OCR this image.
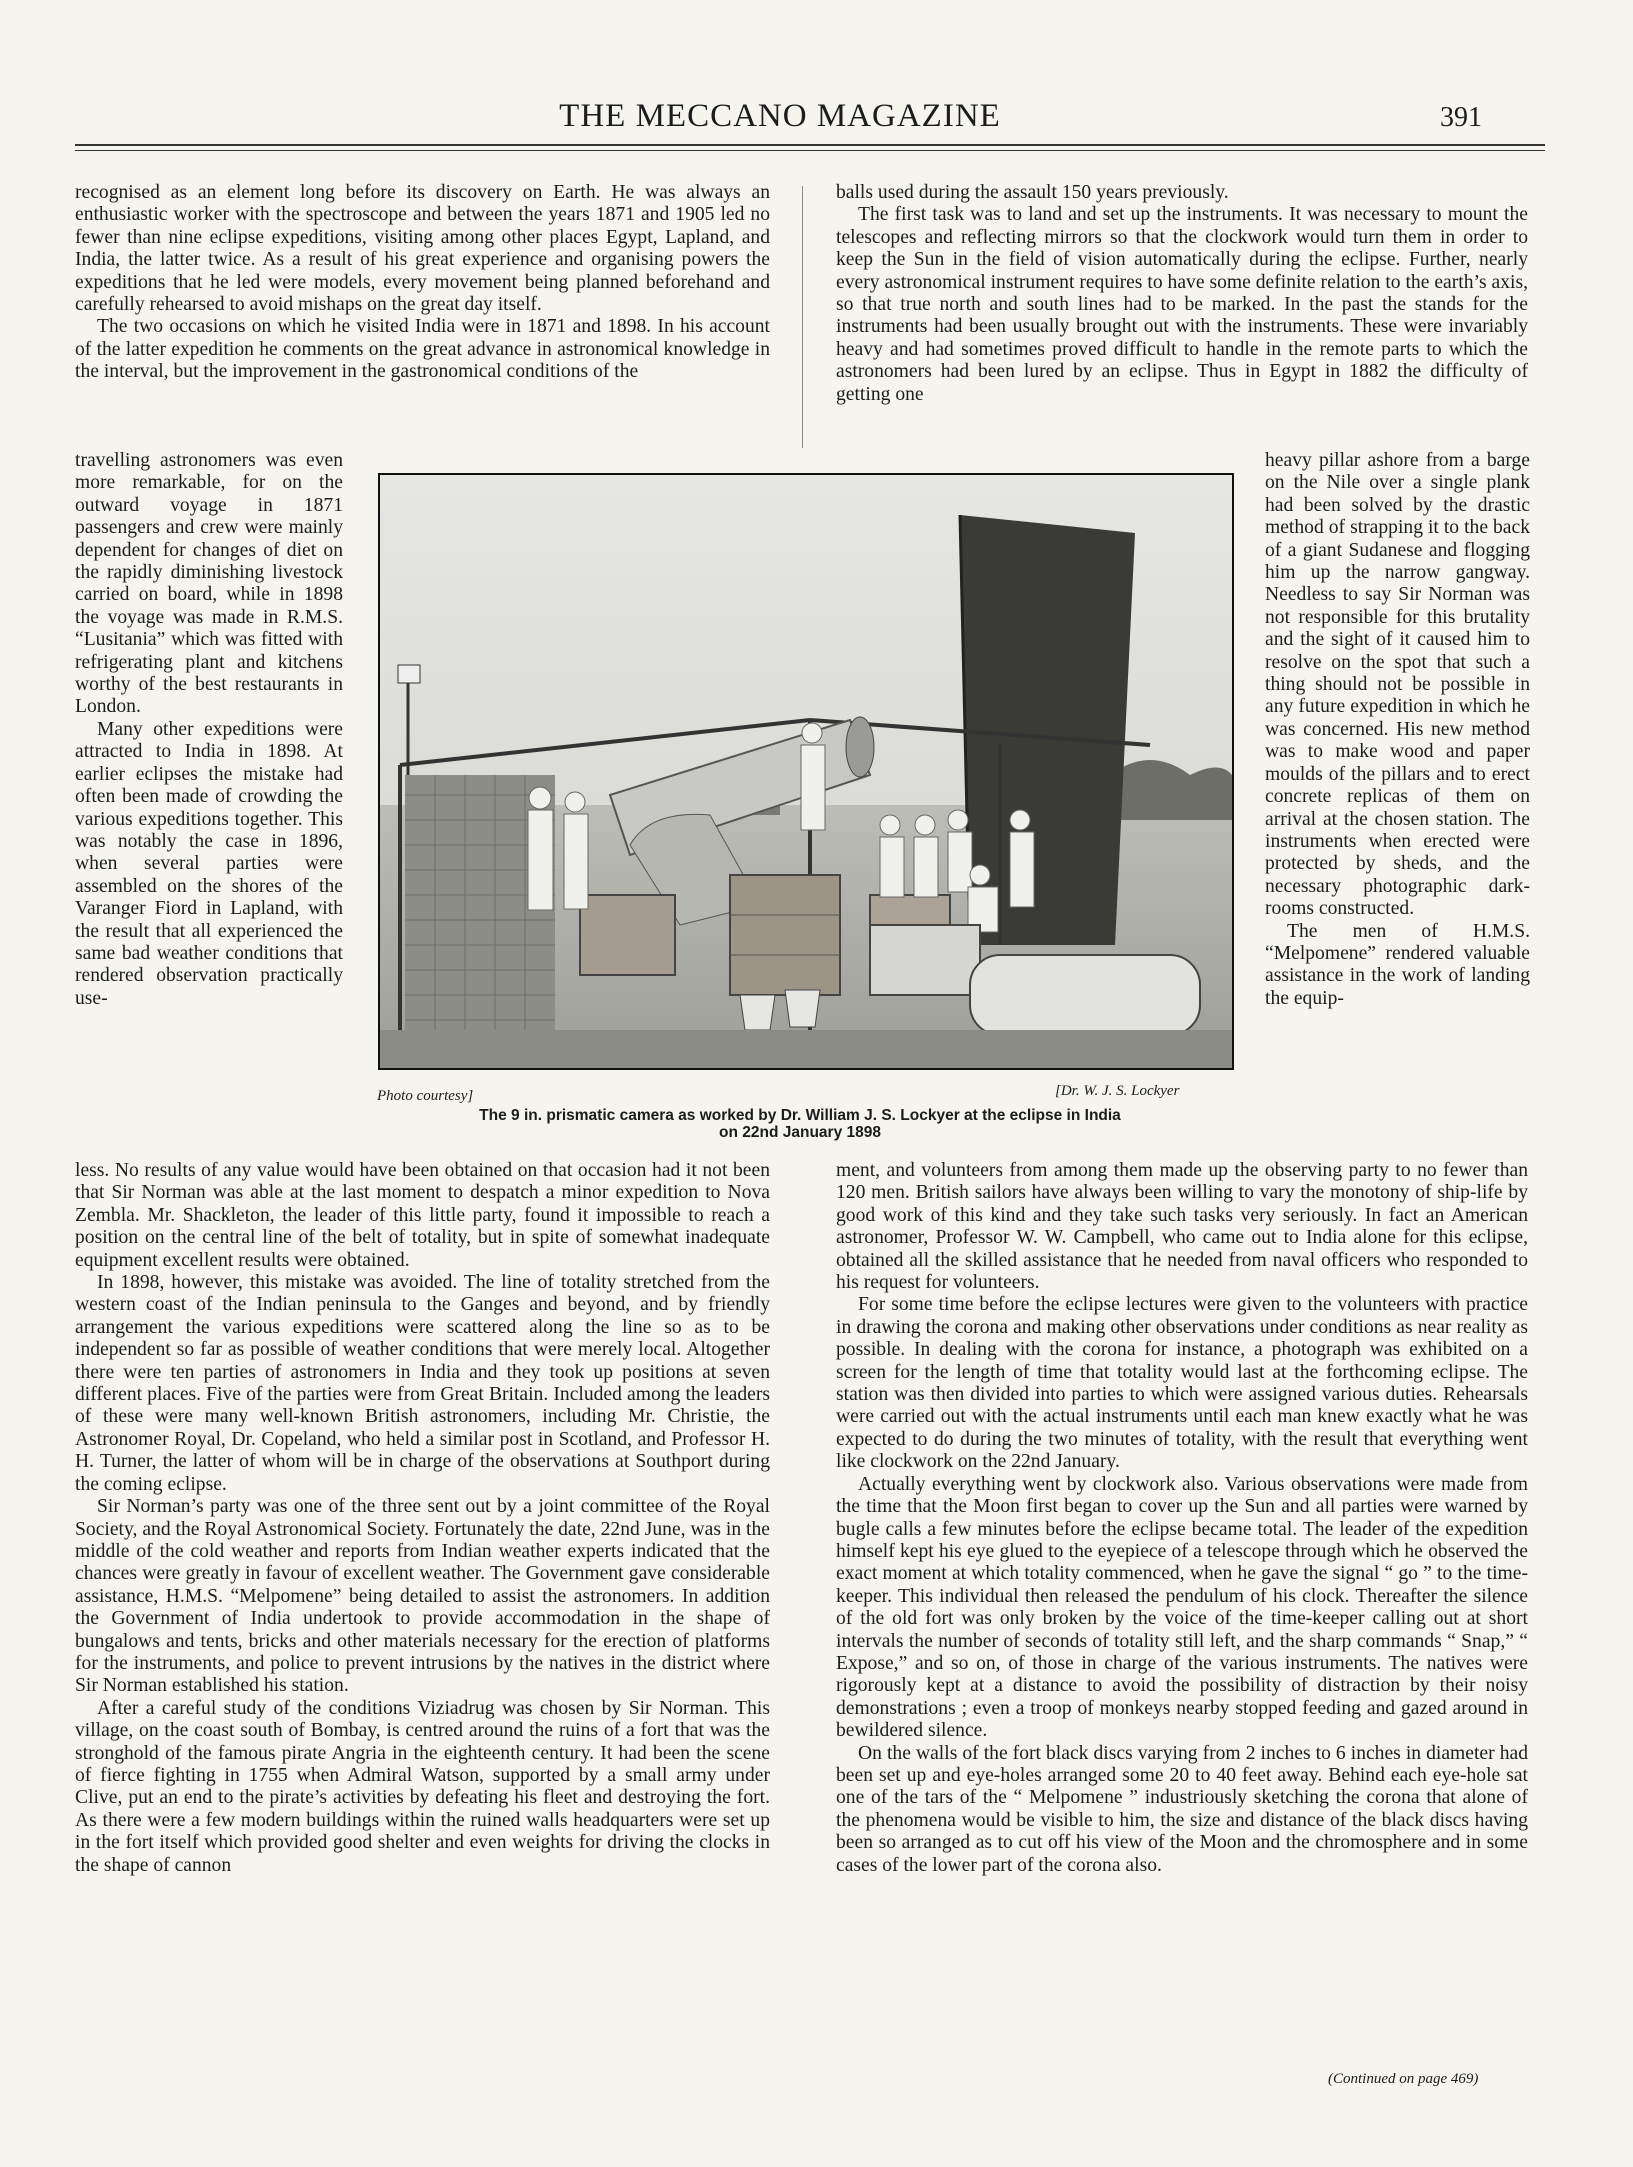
THE MECCANO MAGAZINE	391

recognised as an element long before its discovery on Earth. He was always an enthusiastic worker with the spectroscope and between the years 1871 and 1905 led no fewer than nine eclipse expeditions, visiting among other places Egypt, Lapland, and India, the latter twice. As a result of his great experience and organising powers the expeditions that he led were models, every movement being planned beforehand and carefully rehearsed to avoid mishaps on the great day itself.

The two occasions on which he visited India were in 1871 and 1898. In his account of the latter expedition he comments on the great advance in astronomical knowledge in the interval, but the improvement in the gastronomical conditions of the

travelling astronomers was even more remarkable, for on the outward voyage in 1871 passengers and crew were mainly dependent for changes of diet on the rapidly diminishing livestock carried on board, while in 1898 the voyage was made in R.M.S. “Lusitania” which was fitted with refrigerating plant and kitchens worthy of the best restaurants in London.

Many other expeditions were attracted to India in 1898. At earlier eclipses the mistake had often been made of crowding the various expeditions together. This was notably the case in 1896, when several parties were assembled on the shores of the Varanger Fiord in Lapland, with the result that all experienced the same bad weather conditions that rendered observation practically use-

less. No results of any value would have been obtained on that occasion had it not been that Sir Norman was able at the last moment to despatch a minor expedition to Nova Zembla. Mr. Shackleton, the leader of this little party, found it impossible to reach a position on the central line of the belt of totality, but in spite of somewhat inadequate equipment excellent results were obtained.

In 1898, however, this mistake was avoided. The line of totality stretched from the western coast of the Indian peninsula to the Ganges and beyond, and by friendly arrangement the various expeditions were scattered along the line so as to be independent so far as possible of weather conditions that were merely local. Altogether there were ten parties of astronomers in India and they took up positions at seven different places. Five of the parties were from Great Britain. Included among the leaders of these were many well-known British astronomers, including Mr. Christie, the Astronomer Royal, Dr. Copeland, who held a similar post in Scotland, and Professor H. H. Turner, the latter of whom will be in charge of the observations at Southport during the coming eclipse.

Sir Norman’s party was one of the three sent out by a joint committee of the Royal Society, and the Royal Astronomical Society. Fortunately the date, 22nd June, was in the middle of the cold weather and reports from Indian weather experts indicated that the chances were greatly in favour of excellent weather. The Government gave considerable assistance, H.M.S. “Melpomene” being detailed to assist the astronomers. In addition the Government of India undertook to provide accommodation in the shape of bungalows and tents, bricks and other materials necessary for the erection of platforms for the instruments, and police to prevent intrusions by the natives in the district where Sir Norman established his station.

After a careful study of the conditions Viziadrug was chosen by Sir Norman. This village, on the coast south of Bombay, is centred around the ruins of a fort that was the stronghold of the famous pirate Angria in the eighteenth century. It had been the scene of fierce fighting in 1755 when Admiral Watson, supported by a small army under Clive, put an end to the pirate’s activities by defeating his fleet and destroying the fort. As there were a few modern buildings within the ruined walls headquarters were set up in the fort itself which provided good shelter and even weights for driving the clocks in the shape of cannon

balls used during the assault 150 years previously.

The first task was to land and set up the instruments. It was necessary to mount the telescopes and reflecting mirrors so that the clockwork would turn them in order to keep the Sun in the field of vision automatically during the eclipse. Further, nearly every astronomical instrument requires to have some definite relation to the earth’s axis, so that true north and south lines had to be marked. In the past the stands for the instruments had been usually brought out with the instruments. These were invariably heavy and had sometimes proved difficult to handle in the remote parts to which the astronomers had been lured by an eclipse. Thus in Egypt in 1882 the difficulty of getting one

heavy pillar ashore from a barge on the Nile over a single plank had been solved by the drastic method of strapping it to the back of a giant Sudanese and flogging him up the narrow gangway. Needless to say Sir Norman was not responsible for this brutality and the sight of it caused him to resolve on the spot that such a thing should not be possible in any future expedition in which he was concerned. His new method was to make wood and paper moulds of the pillars and to erect concrete replicas of them on arrival at the chosen station. The instruments when erected were protected by sheds, and the necessary photographic dark-rooms constructed.

The men of H.M.S. “Melpomene” rendered valuable assistance in the work of landing the equip-

ment, and volunteers from among them made up the observing party to no fewer than 120 men. British sailors have always been willing to vary the monotony of ship-life by good work of this kind and they take such tasks very seriously. In fact an American astronomer, Professor W. W. Campbell, who came out to India alone for this eclipse, obtained all the skilled assistance that he needed from naval officers who responded to his request for volunteers.

For some time before the eclipse lectures were given to the volunteers with practice in drawing the corona and making other observations under conditions as near reality as possible. In dealing with the corona for instance, a photograph was exhibited on a screen for the length of time that totality would last at the forthcoming eclipse. The station was then divided into parties to which were assigned various duties. Rehearsals were carried out with the actual instruments until each man knew exactly what he was expected to do during the two minutes of totality, with the result that everything went like clockwork on the 22nd January.

Actually everything went by clockwork also. Various observations were made from the time that the Moon first began to cover up the Sun and all parties were warned by bugle calls a few minutes before the eclipse became total. The leader of the expedition himself kept his eye glued to the eyepiece of a telescope through which he observed the exact moment at which totality commenced, when he gave the signal “ go ” to the time-keeper. This individual then released the pendulum of his clock. Thereafter the silence of the old fort was only broken by the voice of the time-keeper calling out at short intervals the number of seconds of totality still left, and the sharp commands “ Snap,” “ Expose,” and so on, of those in charge of the various instruments. The natives were rigorously kept at a distance to avoid the possibility of distraction by their noisy demonstrations ; even a troop of monkeys nearby stopped feeding and gazed around in bewildered silence.

On the walls of the fort black discs varying from 2 inches to 6 inches in diameter had been set up and eye-holes arranged some 20 to 40 feet away. Behind each eye-hole sat one of the tars of the “ Melpomene ” industriously sketching the corona that alone of the phenomena would be visible to him, the size and distance of the black discs having been so arranged as to cut off his view of the Moon and the chromosphere and in some cases of the lower part of the corona also.

(Continued on page 469)
Photo courtesy]	[Dr. W. J. S. Lockyer
The 9 in. prismatic camera as worked by Dr. William J. S. Lockyer at the eclipse in India
on 22nd January 1898
